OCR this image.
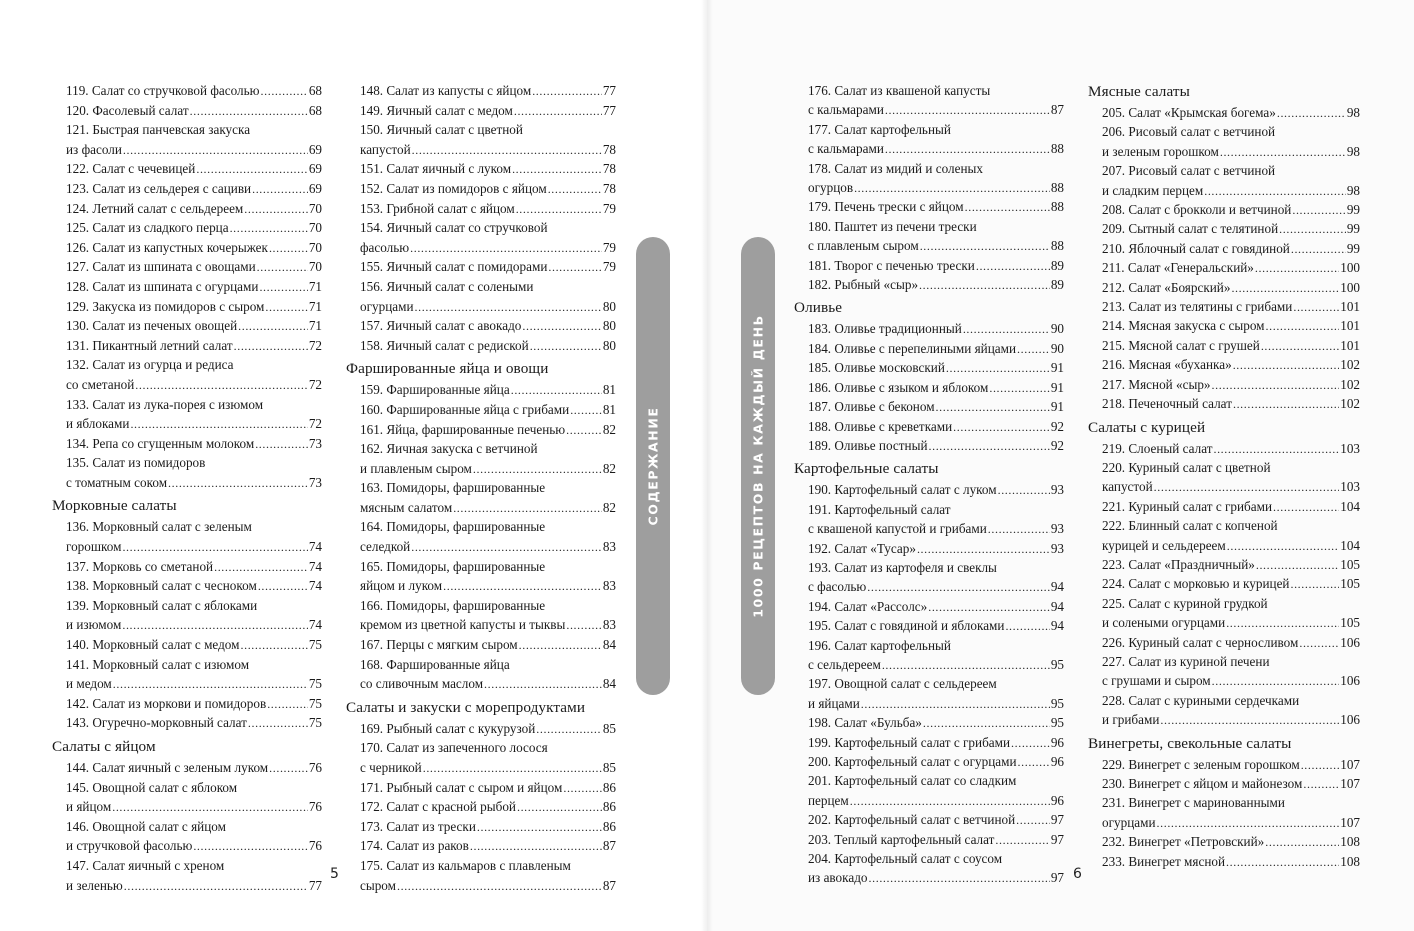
119. Салат со стручковой фасолью .....	68
120. Фасолевый салат .....	68
121. Быстрая панчевская закуска
из фасоли .....	69
122. Салат с чечевицей .....	69
123. Салат из сельдерея с сациви .....	69
124. Летний салат с сельдереем .....	70
125. Салат из сладкого перца .....	70
126. Салат из капустных кочерыжек .....	70
127. Салат из шпината с овощами .....	70
128. Салат из шпината с огурцами .....	71
129. Закуска из помидоров с сыром .....	71
130. Салат из печеных овощей .....	71
131. Пикантный летний салат .....	72
132. Салат из огурца и редиса
со сметаной .....	72
133. Салат из лука-порея с изюмом
и яблоками .....	72
134. Репа со сгущенным молоком .....	73
135. Салат из помидоров
с томатным соком .....	73
Морковные салаты
136. Морковный салат с зеленым
горошком .....	74
137. Морковь со сметаной .....	74
138. Морковный салат с чесноком .....	74
139. Морковный салат с яблоками
и изюмом .....	74
140. Морковный салат с медом .....	75
141. Морковный салат с изюмом
и медом .....	75
142. Салат из моркови и помидоров .....	75
143. Огуречно-морковный салат .....	75
Салаты с яйцом
144. Салат яичный с зеленым луком .....	76
145. Овощной салат с яблоком
и яйцом .....	76
146. Овощной салат с яйцом
и стручковой фасолью .....	76
147. Салат яичный с хреном
и зеленью .....	77
148. Салат из капусты с яйцом .....	77
149. Яичный салат с медом .....	77
150. Яичный салат с цветной
капустой .....	78
151. Салат яичный с луком .....	78
152. Салат из помидоров с яйцом .....	78
153. Грибной салат с яйцом .....	79
154. Яичный салат со стручковой
фасолью .....	79
155. Яичный салат с помидорами .....	79
156. Яичный салат с солеными
огурцами .....	80
157. Яичный салат с авокадо .....	80
158. Яичный салат с редиской .....	80
Фаршированные яйца и овощи
159. Фаршированные яйца .....	81
160. Фаршированные яйца с грибами .....	81
161. Яйца, фаршированные печенью .....	82
162. Яичная закуска с ветчиной
и плавленым сыром .....	82
163. Помидоры, фаршированные
мясным салатом .....	82
164. Помидоры, фаршированные
селедкой .....	83
165. Помидоры, фаршированные
яйцом и луком .....	83
166. Помидоры, фаршированные
кремом из цветной капусты и тыквы .....	83
167. Перцы с мягким сыром .....	84
168. Фаршированные яйца
со сливочным маслом .....	84
Салаты и закуски с морепродуктами
169. Рыбный салат с кукурузой .....	85
170. Салат из запеченного лосося
с черникой .....	85
171. Рыбный салат с сыром и яйцом .....	86
172. Салат с красной рыбой .....	86
173. Салат из трески .....	86
174. Салат из раков .....	87
175. Салат из кальмаров с плавленым
сыром .....	87
СОДЕРЖАНИЕ
5
176. Салат из квашеной капусты
с кальмарами .....	87
177. Салат картофельный
с кальмарами .....	88
178. Салат из мидий и соленых
огурцов .....	88
179. Печень трески с яйцом .....	88
180. Паштет из печени трески
с плавленым сыром .....	88
181. Творог с печенью трески .....	89
182. Рыбный «сыр» .....	89
Оливье
183. Оливье традиционный .....	90
184. Оливье с перепелиными яйцами .....	90
185. Оливье московский .....	91
186. Оливье с языком и яблоком .....	91
187. Оливье с беконом .....	91
188. Оливье с креветками .....	92
189. Оливье постный .....	92
Картофельные салаты
190. Картофельный салат с луком .....	93
191. Картофельный салат
с квашеной капустой и грибами .....	93
192. Салат «Тусар» .....	93
193. Салат из картофеля и свеклы
с фасолью .....	94
194. Салат «Рассолс» .....	94
195. Салат с говядиной и яблоками .....	94
196. Салат картофельный
с сельдереем .....	95
197. Овощной салат с сельдереем
и яйцами .....	95
198. Салат «Бульба» .....	95
199. Картофельный салат с грибами .....	96
200. Картофельный салат с огурцами .....	96
201. Картофельный салат со сладким
перцем .....	96
202. Картофельный салат с ветчиной .....	97
203. Теплый картофельный салат .....	97
204. Картофельный салат с соусом
из авокадо .....	97
Мясные салаты
205. Салат «Крымская богема» .....	98
206. Рисовый салат с ветчиной
и зеленым горошком .....	98
207. Рисовый салат с ветчиной
и сладким перцем .....	98
208. Салат с брокколи и ветчиной .....	99
209. Сытный салат с телятиной .....	99
210. Яблочный салат с говядиной .....	99
211. Салат «Генеральский» .....	100
212. Салат «Боярский» .....	100
213. Салат из телятины с грибами .....	101
214. Мясная закуска с сыром .....	101
215. Мясной салат с грушей .....	101
216. Мясная «буханка» .....	102
217. Мясной «сыр» .....	102
218. Печеночный салат .....	102
Салаты с курицей
219. Слоеный салат .....	103
220. Куриный салат с цветной
капустой .....	103
221. Куриный салат с грибами .....	104
222. Блинный салат с копченой
курицей и сельдереем .....	104
223. Салат «Праздничный» .....	105
224. Салат с морковью и курицей .....	105
225. Салат с куриной грудкой
и солеными огурцами .....	105
226. Куриный салат с черносливом .....	106
227. Салат из куриной печени
с грушами и сыром .....	106
228. Салат с куриными сердечками
и грибами .....	106
Винегреты, свекольные салаты
229. Винегрет с зеленым горошком .....	107
230. Винегрет с яйцом и майонезом .....	107
231. Винегрет с маринованными
огурцами .....	107
232. Винегрет «Петровский» .....	108
233. Винегрет мясной .....	108
1000 РЕЦЕПТОВ НА КАЖДЫЙ ДЕНЬ
6
